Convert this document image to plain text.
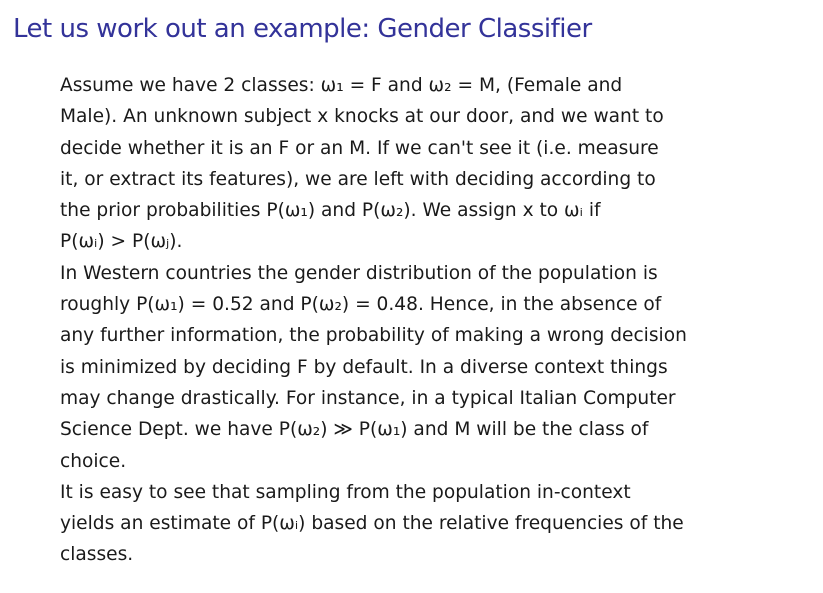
Let us work out an example: Gender Classifier

Assume we have 2 classes: ω₁ = F and ω₂ = M, (Female and
Male). An unknown subject x knocks at our door, and we want to
decide whether it is an F or an M. If we can't see it (i.e. measure
it, or extract its features), we are left with deciding according to
the prior probabilities P(ω₁) and P(ω₂). We assign x to ωᵢ if
P(ωᵢ) > P(ωⱼ).

In Western countries the gender distribution of the population is
roughly P(ω₁) = 0.52 and P(ω₂) = 0.48. Hence, in the absence of
any further information, the probability of making a wrong decision
is minimized by deciding F by default. In a diverse context things
may change drastically. For instance, in a typical Italian Computer
Science Dept. we have P(ω₂) ≫ P(ω₁) and M will be the class of
choice.

It is easy to see that sampling from the population in-context
yields an estimate of P(ωᵢ) based on the relative frequencies of the
classes.
